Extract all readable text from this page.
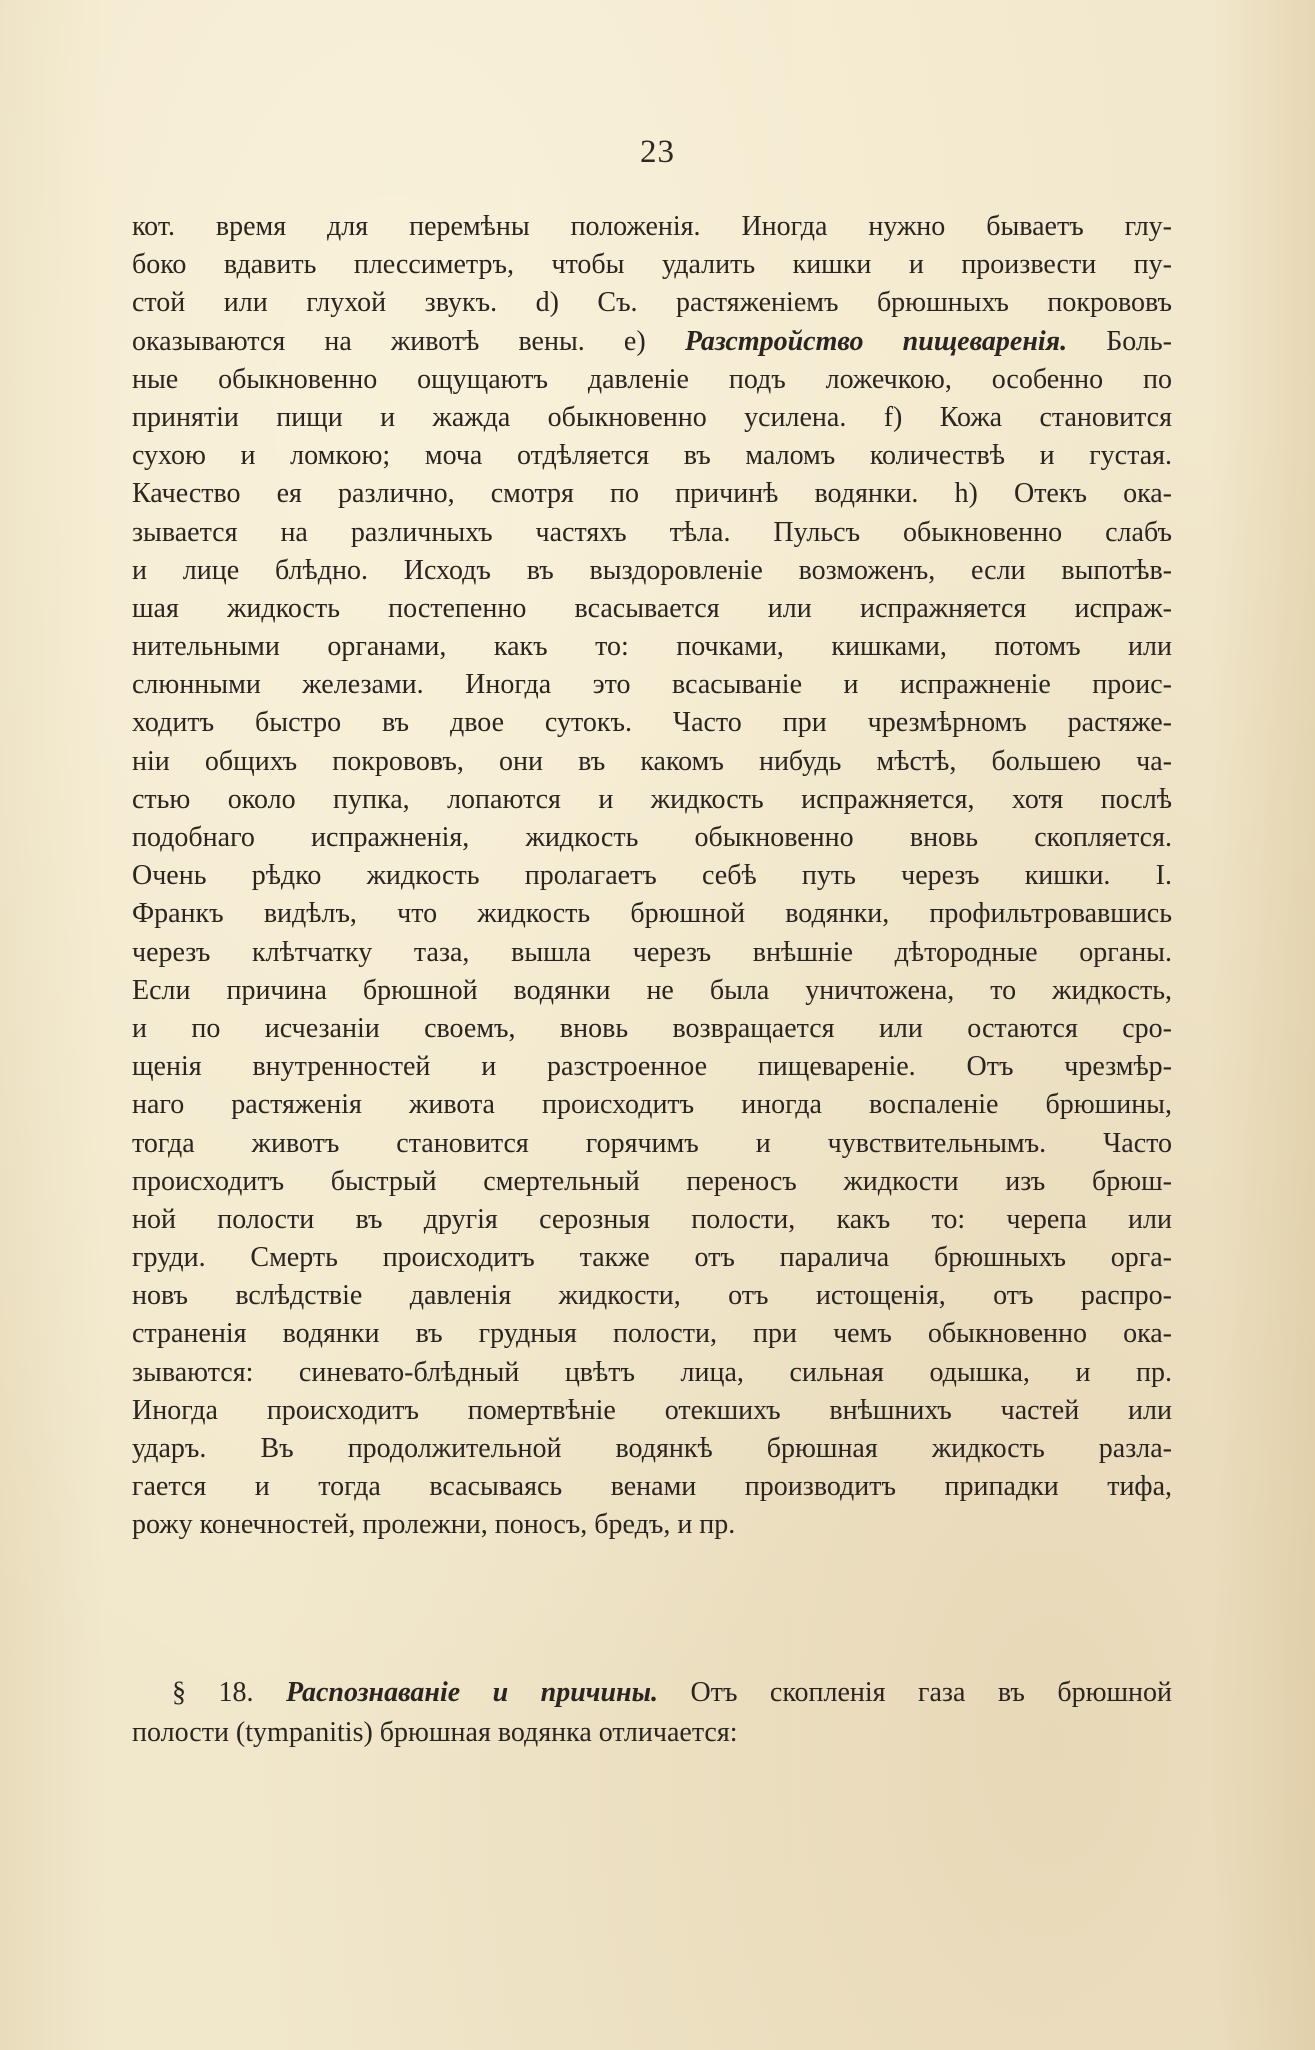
23
кот. время для перемѣны положенія. Иногда нужно бываетъ глу-
боко вдавить плессиметръ, чтобы удалить кишки и произвести пу-
стой или глухой звукъ. d) Съ. растяженіемъ брюшныхъ покрововъ
оказываются на животѣ вены. e) Разстройство пищеваренія. Боль-
ные обыкновенно ощущаютъ давленіе подъ ложечкою, особенно по
принятіи пищи и жажда обыкновенно усилена. f) Кожа становится
сухою и ломкою; моча отдѣляется въ маломъ количествѣ и густая.
Качество ея различно, смотря по причинѣ водянки. h) Отекъ ока-
зывается на различныхъ частяхъ тѣла. Пульсъ обыкновенно слабъ
и лице блѣдно. Исходъ въ выздоровленіе возможенъ, если выпотѣв-
шая жидкость постепенно всасывается или испражняется испраж-
нительными органами, какъ то: почками, кишками, потомъ или
слюнными железами. Иногда это всасываніе и испражненіе проис-
ходитъ быстро въ двое сутокъ. Часто при чрезмѣрномъ растяже-
ніи общихъ покрововъ, они въ какомъ нибудь мѣстѣ, большею ча-
стью около пупка, лопаются и жидкость испражняется, хотя послѣ
подобнаго испражненія, жидкость обыкновенно вновь скопляется.
Очень рѣдко жидкость пролагаетъ себѣ путь черезъ кишки. I.
Франкъ видѣлъ, что жидкость брюшной водянки, профильтровавшись
черезъ клѣтчатку таза, вышла черезъ внѣшніе дѣтородные органы.
Если причина брюшной водянки не была уничтожена, то жидкость,
и по исчезаніи своемъ, вновь возвращается или остаются сро-
щенія внутренностей и разстроенное пищевареніе. Отъ чрезмѣр-
наго растяженія живота происходитъ иногда воспаленіе брюшины,
тогда животъ становится горячимъ и чувствительнымъ. Часто
происходитъ быстрый смертельный переносъ жидкости изъ брюш-
ной полости въ другія серозныя полости, какъ то: черепа или
груди. Смерть происходитъ также отъ паралича брюшныхъ орга-
новъ вслѣдствіе давленія жидкости, отъ истощенія, отъ распро-
страненія водянки въ грудныя полости, при чемъ обыкновенно ока-
зываются: синевато-блѣдный цвѣтъ лица, сильная одышка, и пр.
Иногда происходитъ помертвѣніе отекшихъ внѣшнихъ частей или
ударъ. Въ продолжительной водянкѣ брюшная жидкость разла-
гается и тогда всасываясь венами производитъ припадки тифа,
рожу конечностей, пролежни, поносъ, бредъ, и пр.
§ 18. Распознаваніе и причины. Отъ скопленія газа въ брюшной
полости (tympanitis) брюшная водянка отличается:
